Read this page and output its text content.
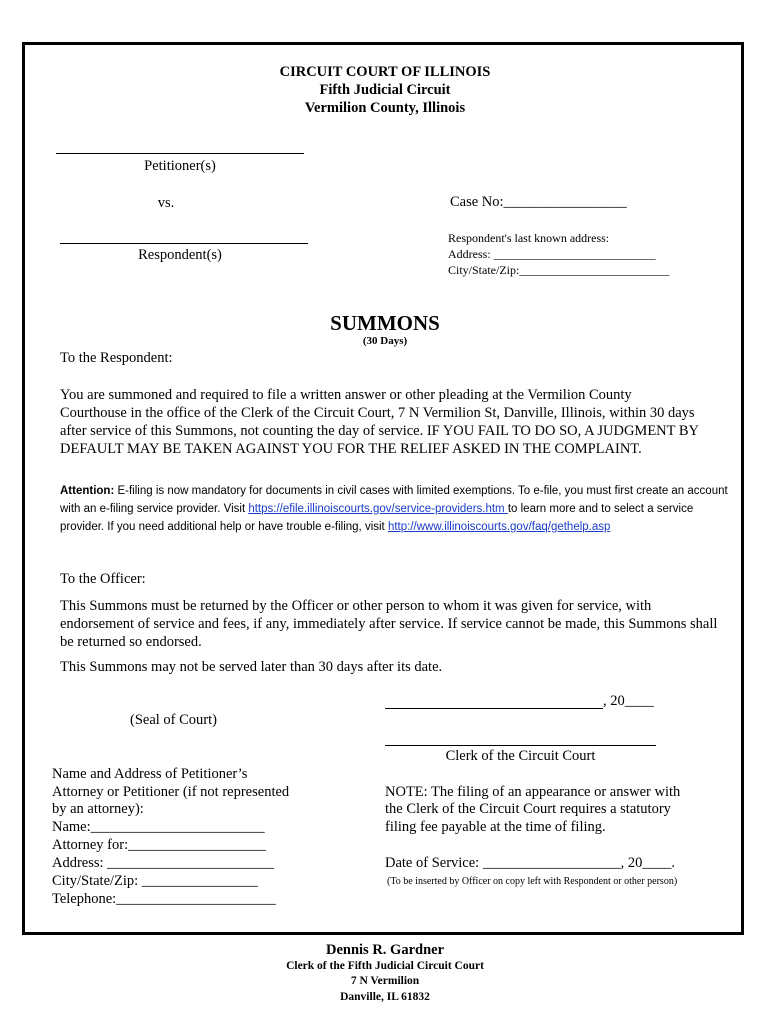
CIRCUIT COURT OF ILLINOIS
Fifth Judicial Circuit
Vermilion County, Illinois
Petitioner(s)
vs.	Case No:_________________
Respondent(s)
Respondent's last known address:
Address: ___________________________
City/State/Zip:_________________________
SUMMONS
(30 Days)
To the Respondent:
You are summoned and required to file a written answer or other pleading at the Vermilion County Courthouse in the office of the Clerk of the Circuit Court, 7 N Vermilion St, Danville, Illinois, within 30 days after service of this Summons, not counting the day of service. IF YOU FAIL TO DO SO, A JUDGMENT BY DEFAULT MAY BE TAKEN AGAINST YOU FOR THE RELIEF ASKED IN THE COMPLAINT.
Attention: E-filing is now mandatory for documents in civil cases with limited exemptions. To e-file, you must first create an account with an e-filing service provider. Visit https://efile.illinoiscourts.gov/service-providers.htm to learn more and to select a service provider. If you need additional help or have trouble e-filing, visit http://www.illinoiscourts.gov/faq/gethelp.asp
To the Officer:
This Summons must be returned by the Officer or other person to whom it was given for service, with endorsement of service and fees, if any, immediately after service. If service cannot be made, this Summons shall be returned so endorsed.
This Summons may not be served later than 30 days after its date.
, 20____
(Seal of Court)
Clerk of the Circuit Court
Name and Address of Petitioner’s
Attorney or Petitioner (if not represented
by an attorney):
Name:________________________
Attorney for:___________________
Address: _______________________
City/State/Zip: ________________
Telephone:______________________
NOTE: The filing of an appearance or answer with
the Clerk of the Circuit Court requires a statutory
filing fee payable at the time of filing.
Date of Service: ___________________, 20____.
(To be inserted by Officer on copy left with Respondent or other person)
Dennis R. Gardner
Clerk of the Fifth Judicial Circuit Court
7 N Vermilion
Danville, IL 61832
